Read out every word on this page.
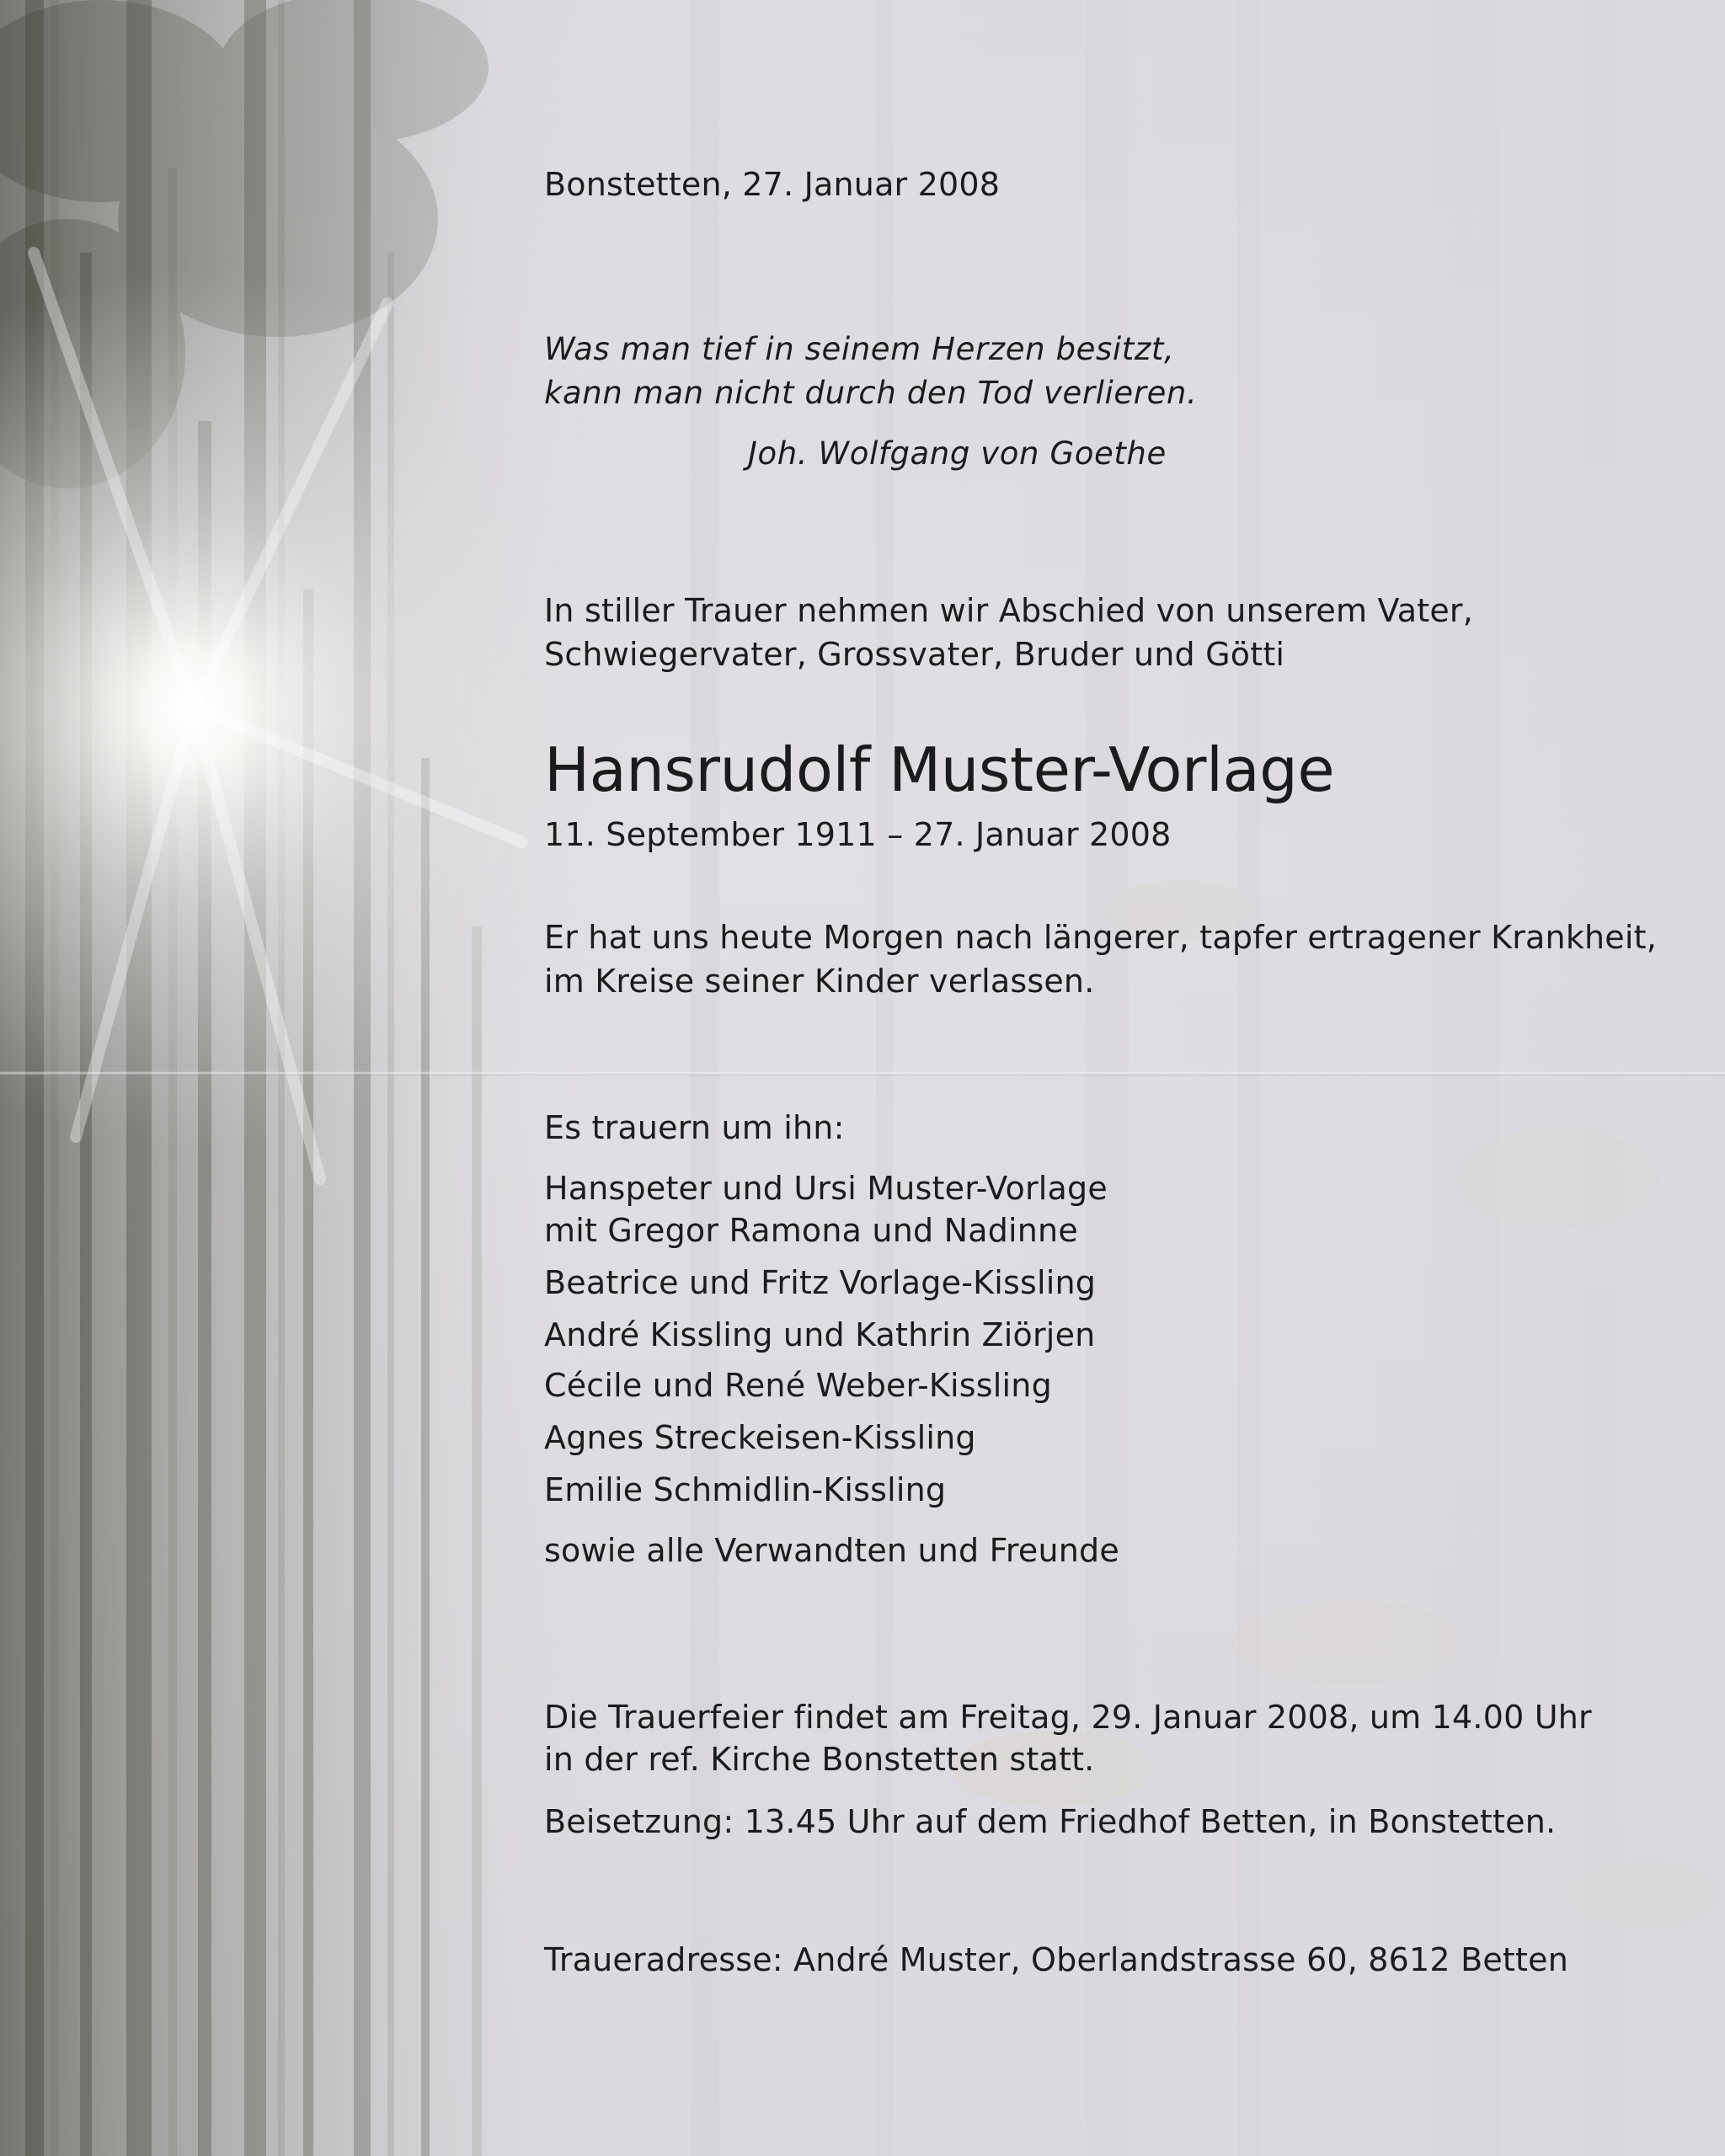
Bonstetten, 27. Januar 2008
Was man tief in seinem Herzen besitzt,
kann man nicht durch den Tod verlieren.
Joh. Wolfgang von Goethe
In stiller Trauer nehmen wir Abschied von unserem Vater,
Schwiegervater, Grossvater, Bruder und Götti
Hansrudolf Muster-Vorlage
11. September 1911 – 27. Januar 2008
Er hat uns heute Morgen nach längerer, tapfer ertragener Krankheit,
im Kreise seiner Kinder verlassen.
Es trauern um ihn:
Hanspeter und Ursi Muster-Vorlage
mit Gregor Ramona und Nadinne
Beatrice und Fritz Vorlage-Kissling
André Kissling und Kathrin Ziörjen
Cécile und René Weber-Kissling
Agnes Streckeisen-Kissling
Emilie Schmidlin-Kissling
sowie alle Verwandten und Freunde
Die Trauerfeier findet am Freitag, 29. Januar 2008, um 14.00 Uhr
in der ref. Kirche Bonstetten statt.
Beisetzung: 13.45 Uhr auf dem Friedhof Betten, in Bonstetten.
Traueradresse: André Muster, Oberlandstrasse 60, 8612 Betten
